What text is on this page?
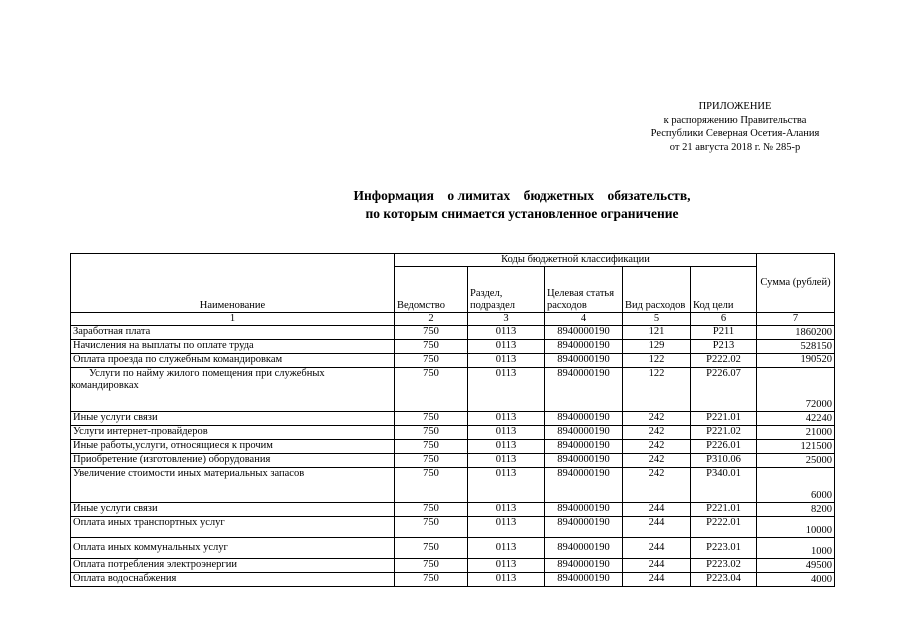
ПРИЛОЖЕНИЕ
к распоряжению Правительства
Республики Северная Осетия-Алания
от 21 августа 2018 г. № 285-р
Информация    о лимитах    бюджетных    обязательств,
по которым снимается установленное ограничение
Наименование	Коды бюджетной классификации					Сумма (рублей)
	Ведомство	Раздел, подраздел	Целевая статья расходов	Вид расходов	Код цели	
1	2	3	4	5	6	7
Заработная плата	750	0113	8940000190	121	Р211	1860200
Начисления на выплаты по оплате труда	750	0113	8940000190	129	Р213	528150
Оплата проезда по служебным командировкам	750	0113	8940000190	122	Р222.02	190520
Услуги по найму жилого помещения при служебных командировках	750	0113	8940000190	122	Р226.07	72000
Иные услуги связи	750	0113	8940000190	242	Р221.01	42240
Услуги интернет-провайдеров	750	0113	8940000190	242	Р221.02	21000
Иные работы,услуги, относящиеся к прочим	750	0113	8940000190	242	Р226.01	121500
Приобретение (изготовление) оборудования	750	0113	8940000190	242	Р310.06	25000
Увеличение стоимости иных материальных запасов	750	0113	8940000190	242	Р340.01	6000
Иные услуги связи	750	0113	8940000190	244	Р221.01	8200
Оплата иных транспортных услуг	750	0113	8940000190	244	Р222.01	10000
Оплата иных коммунальных услуг	750	0113	8940000190	244	Р223.01	1000
Оплата потребления электроэнергии	750	0113	8940000190	244	Р223.02	49500
Оплата водоснабжения	750	0113	8940000190	244	Р223.04	4000
